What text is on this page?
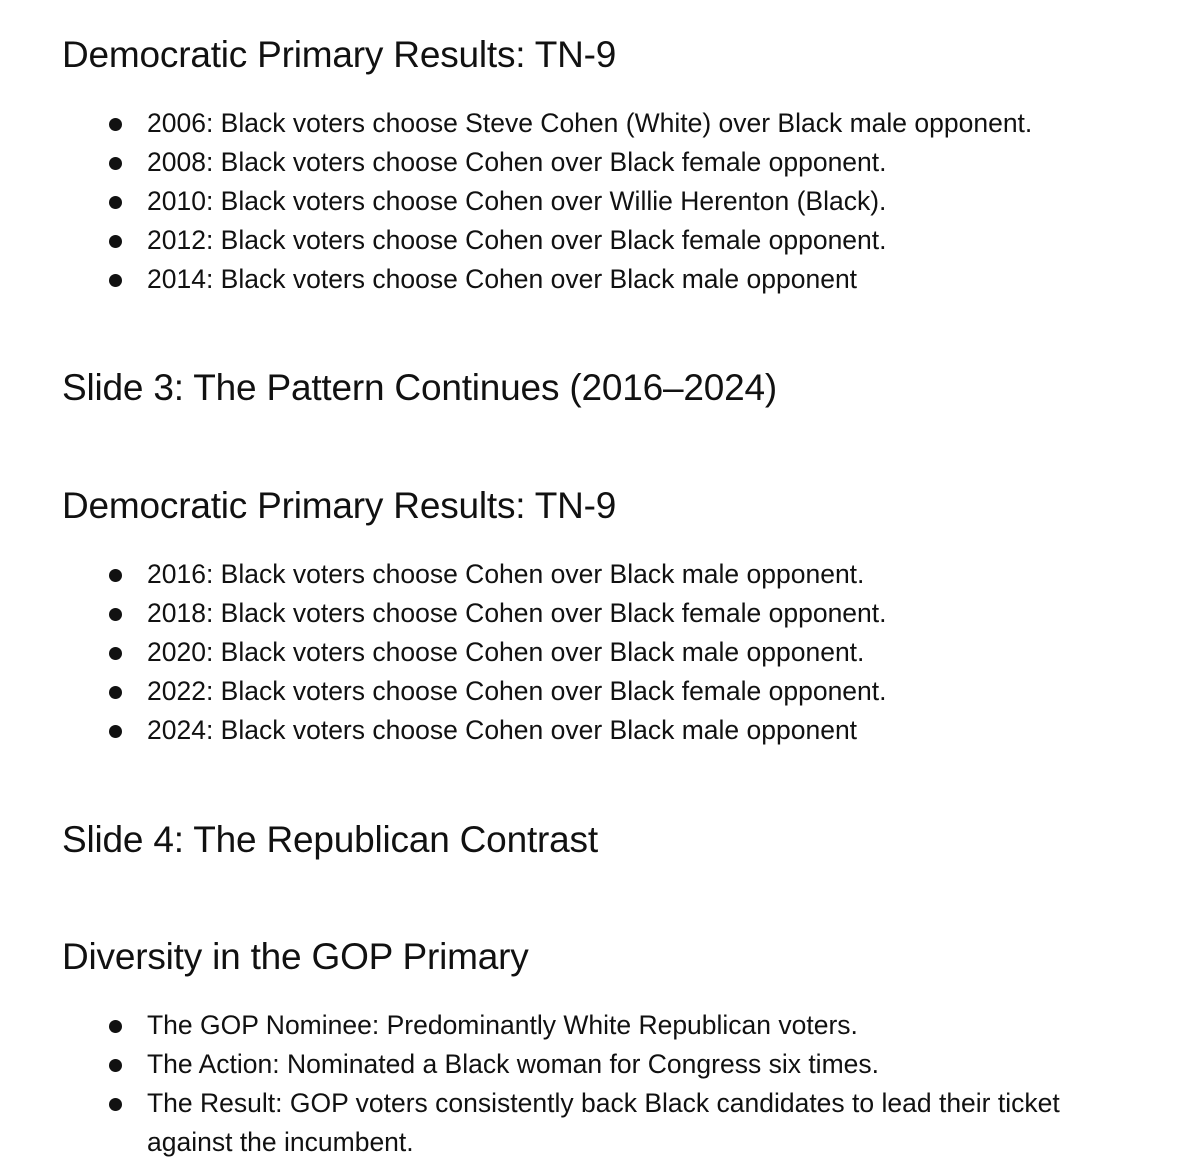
Democratic Primary Results: TN-9
2006: Black voters choose Steve Cohen (White) over Black male opponent.
2008: Black voters choose Cohen over Black female opponent.
2010: Black voters choose Cohen over Willie Herenton (Black).
2012: Black voters choose Cohen over Black female opponent.
2014: Black voters choose Cohen over Black male opponent
Slide 3: The Pattern Continues (2016–2024)
Democratic Primary Results: TN-9
2016: Black voters choose Cohen over Black male opponent.
2018: Black voters choose Cohen over Black female opponent.
2020: Black voters choose Cohen over Black male opponent.
2022: Black voters choose Cohen over Black female opponent.
2024: Black voters choose Cohen over Black male opponent
Slide 4: The Republican Contrast
Diversity in the GOP Primary
The GOP Nominee: Predominantly White Republican voters.
The Action: Nominated a Black woman for Congress six times.
The Result: GOP voters consistently back Black candidates to lead their ticket
against the incumbent.
